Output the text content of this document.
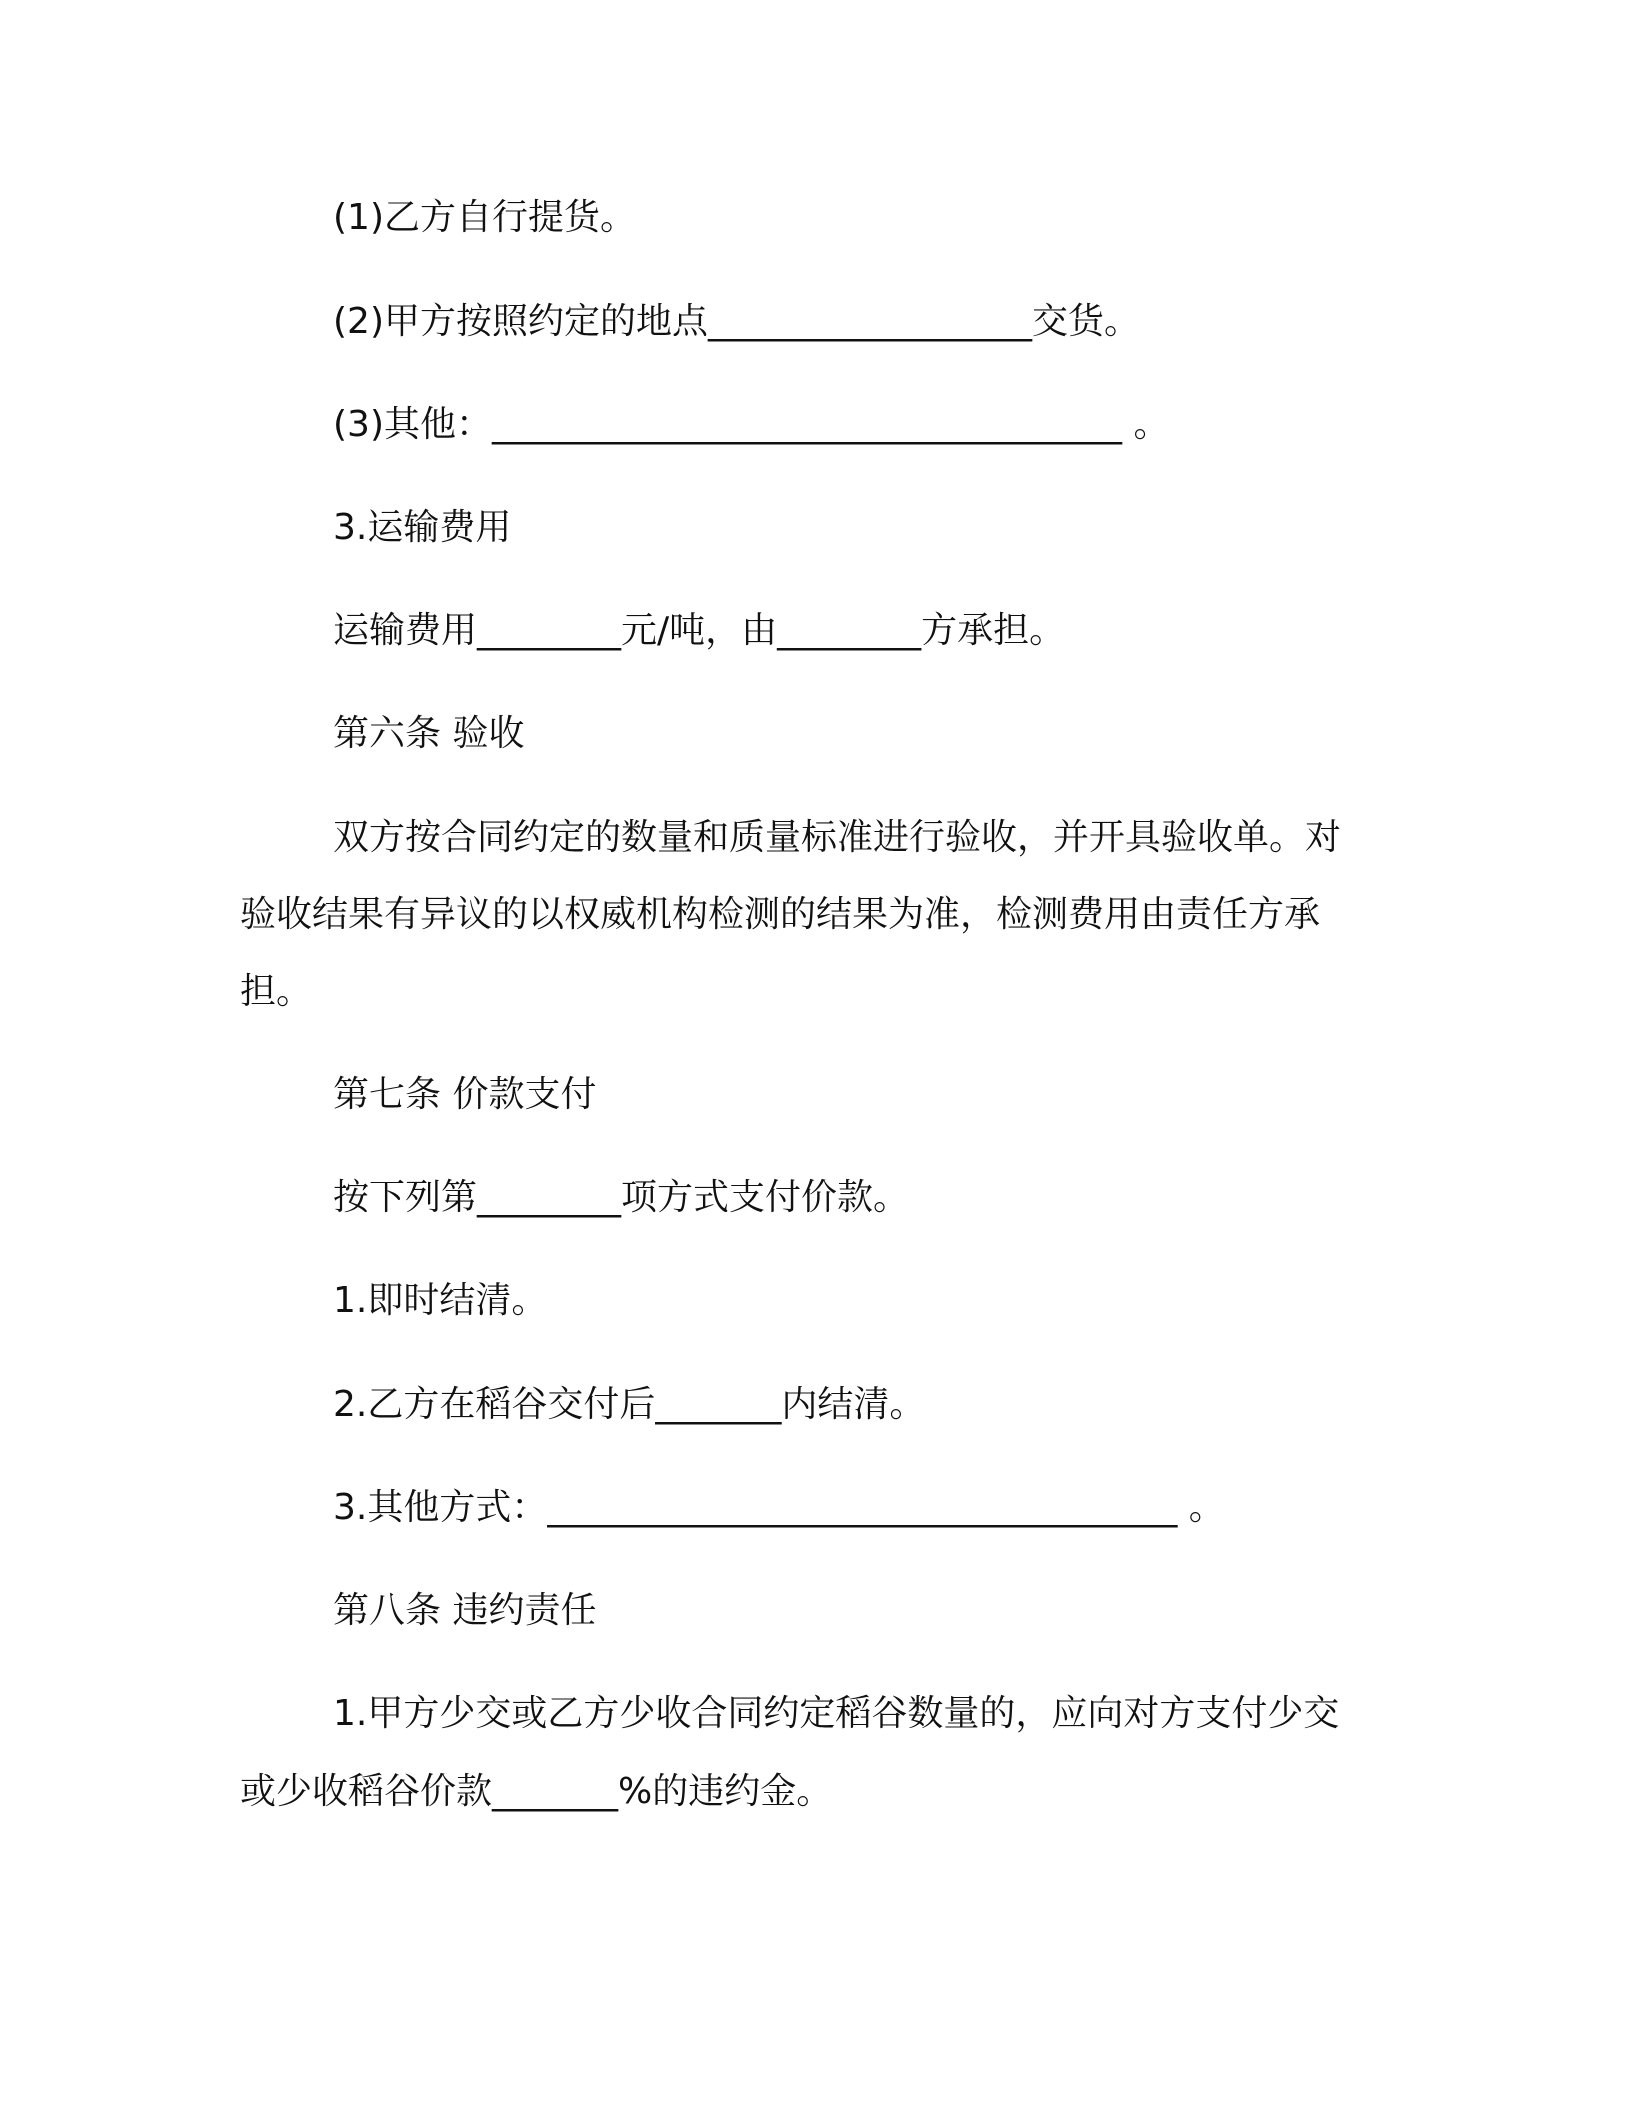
(1)乙方自行提货。
(2)甲方按照约定的地点__________________交货。
(3)其他：___________________________________ 。
3.运输费用
运输费用________元/吨，由________方承担。
第六条 验收
双方按合同约定的数量和质量标准进行验收，并开具验收单。对
验收结果有异议的以权威机构检测的结果为准，检测费用由责任方承
担。
第七条 价款支付
按下列第________项方式支付价款。
1.即时结清。
2.乙方在稻谷交付后_______内结清。
3.其他方式：___________________________________ 。
第八条 违约责任
1.甲方少交或乙方少收合同约定稻谷数量的，应向对方支付少交
或少收稻谷价款_______%的违约金。
